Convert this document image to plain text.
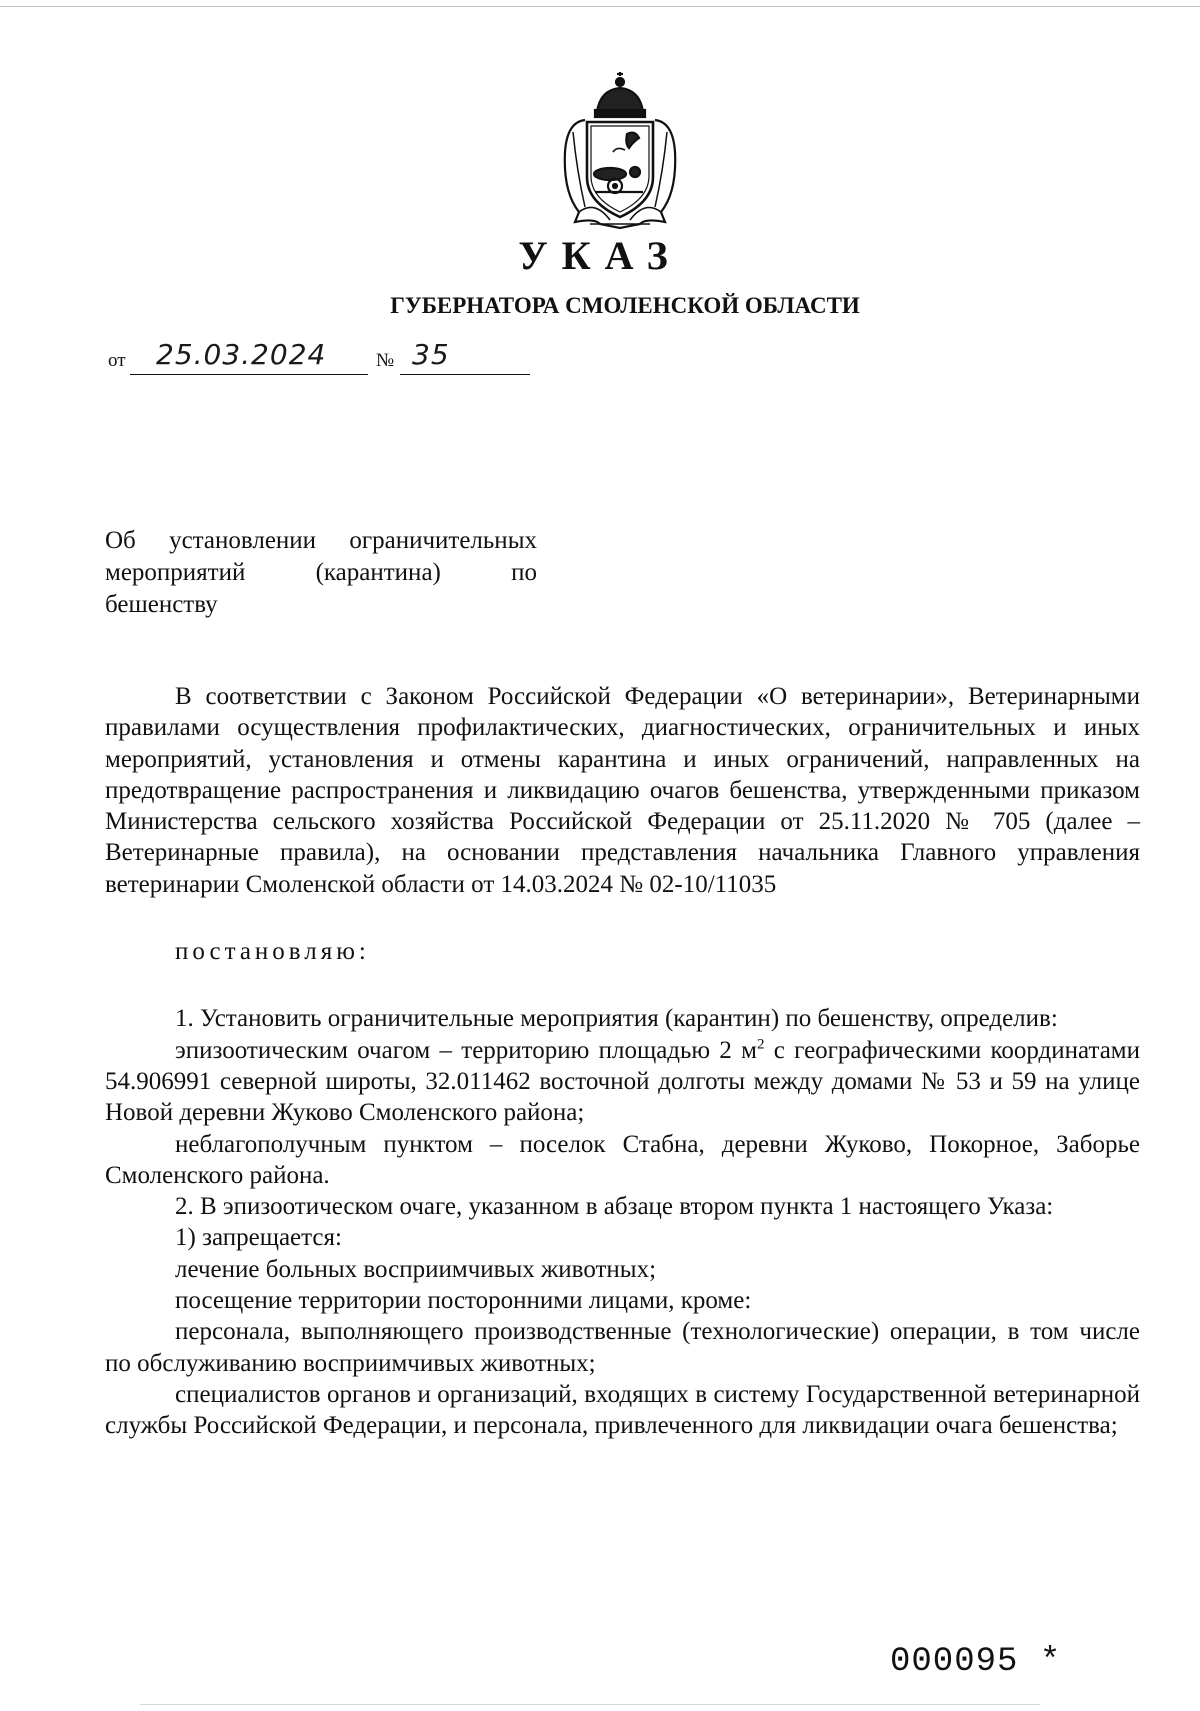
УКАЗ
ГУБЕРНАТОРА СМОЛЕНСКОЙ ОБЛАСТИ
от 25.03.2024	№ 35
Об установлении ограничительных
мероприятий	(карантина)	по
бешенству

В соответствии с Законом Российской Федерации «О ветеринарии», Ветеринарными правилами осуществления профилактических, диагностических, ограничительных и иных мероприятий, установления и отмены карантина и иных ограничений, направленных на предотвращение распространения и ликвидацию очагов бешенства, утвержденными приказом Министерства сельского хозяйства Российской Федерации от 25.11.2020 № 705 (далее – Ветеринарные правила), на основании представления начальника Главного управления ветеринарии Смоленской области от 14.03.2024 № 02-10/11035

постановляю:

1. Установить ограничительные мероприятия (карантин) по бешенству, определив:

эпизоотическим очагом – территорию площадью 2 $м^2$ с географическими координатами 54.906991 северной широты, 32.011462 восточной долготы между домами № 53 и 59 на улице Новой деревни Жуково Смоленского района;

неблагополучным пунктом – поселок Стабна, деревни Жуково, Покорное, Заборье Смоленского района.

2. В эпизоотическом очаге, указанном в абзаце втором пункта 1 настоящего Указа:

1) запрещается:

лечение больных восприимчивых животных;

посещение территории посторонними лицами, кроме:

персонала, выполняющего производственные (технологические) операции, в том числе по обслуживанию восприимчивых животных;

специалистов органов и организаций, входящих в систему Государственной ветеринарной службы Российской Федерации, и персонала, привлеченного для ликвидации очага бешенства;

000095 *
